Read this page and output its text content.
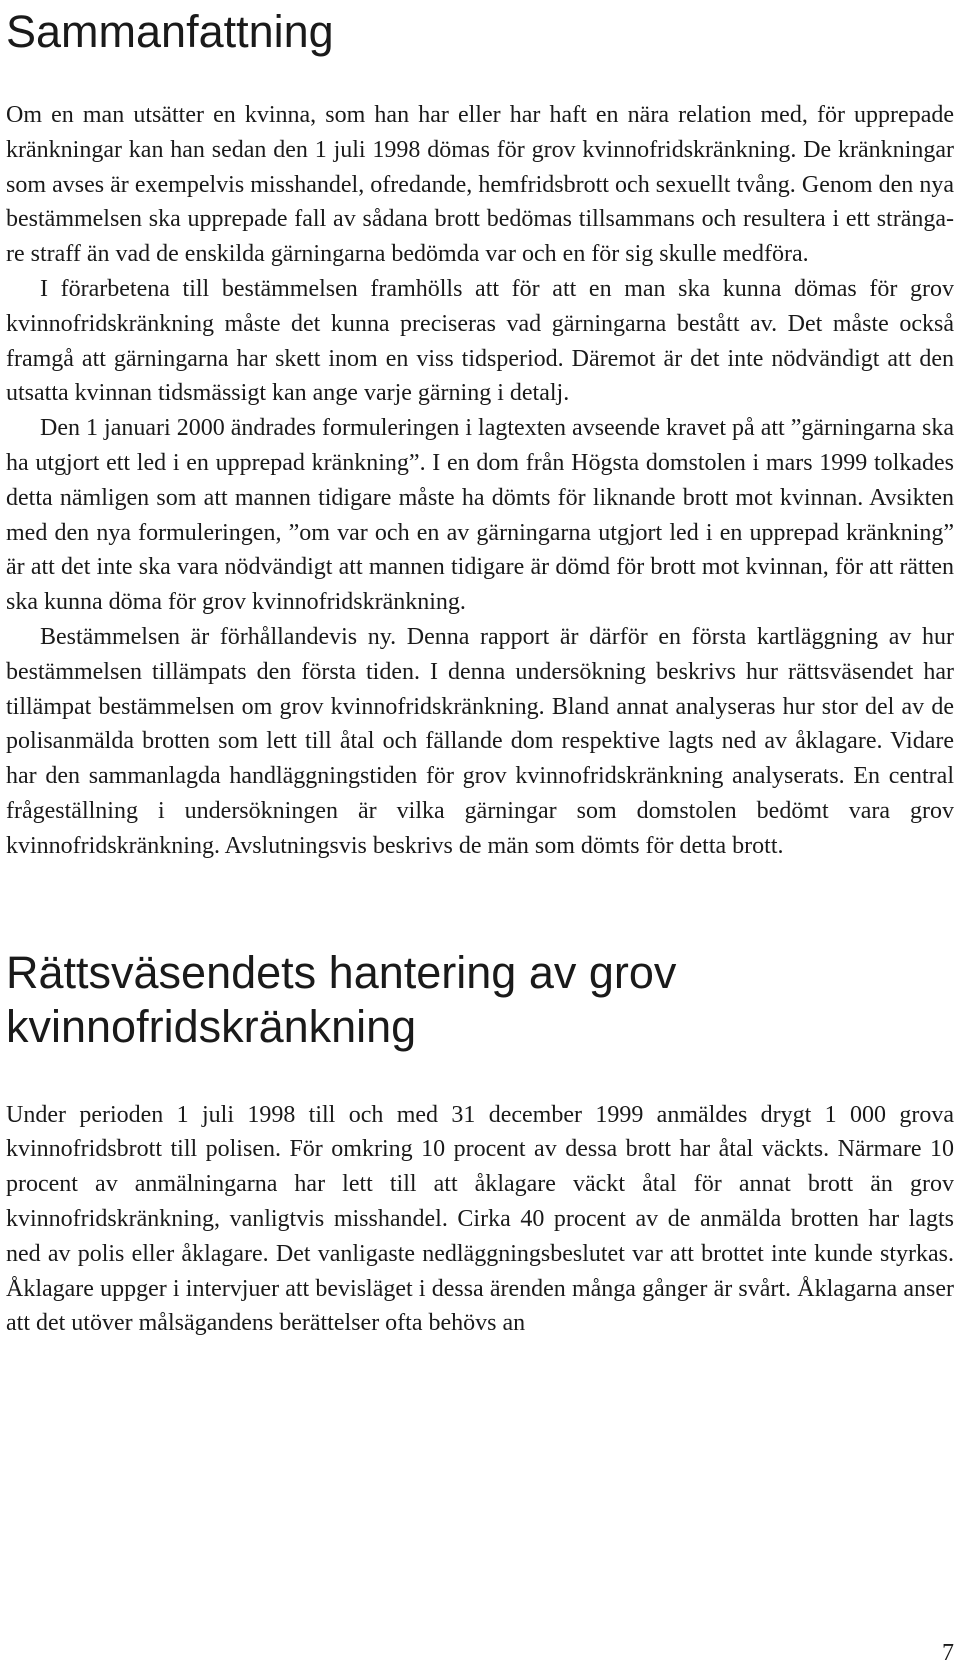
Sammanfattning

Om en man utsätter en kvinna, som han har eller har haft en nära relation med, för upprepade kränkningar kan han sedan den 1 juli 1998 dömas för grov kvinnofridskränkning. De kränkningar som avses är exempelvis misshandel, ofredande, hemfridsbrott och sexuellt tvång. Genom den nya bestämmelsen ska upprepade fall av sådana brott bedömas tillsammans och resultera i ett strängare straff än vad de enskilda gärningarna bedömda var och en för sig skulle medföra.

I förarbetena till bestämmelsen framhölls att för att en man ska kunna dömas för grov kvinnofridskränkning måste det kunna preciseras vad gärningarna bestått av. Det måste också framgå att gärningarna har skett inom en viss tidsperiod. Däremot är det inte nödvändigt att den utsatta kvinnan tidsmässigt kan ange varje gärning i detalj.

Den 1 januari 2000 ändrades formuleringen i lagtexten avseende kravet på att ”gärningarna ska ha utgjort ett led i en upprepad kränkning”. I en dom från Högsta domstolen i mars 1999 tolkades detta nämligen som att mannen tidigare måste ha dömts för liknande brott mot kvinnan. Avsikten med den nya formuleringen, ”om var och en av gärningarna utgjort led i en upprepad kränkning” är att det inte ska vara nödvändigt att mannen tidigare är dömd för brott mot kvinnan, för att rätten ska kunna döma för grov kvinnofridskränkning.

Bestämmelsen är förhållandevis ny. Denna rapport är därför en första kartläggning av hur bestämmelsen tillämpats den första tiden. I denna undersökning beskrivs hur rättsväsendet har tillämpat bestämmelsen om grov kvinnofridskränkning. Bland annat analyseras hur stor del av de polisanmälda brotten som lett till åtal och fällande dom respektive lagts ned av åklagare. Vidare har den sammanlagda handläggningstiden för grov kvinnofridskränkning analyserats. En central frågeställning i undersökningen är vilka gärningar som domstolen bedömt vara grov kvinnofridskränkning. Avslutningsvis beskrivs de män som dömts för detta brott.

Rättsväsendets hantering av grov kvinnofridskränkning

Under perioden 1 juli 1998 till och med 31 december 1999 anmäldes drygt 1 000 grova kvinnofridsbrott till polisen. För omkring 10 procent av dessa brott har åtal väckts. Närmare 10 procent av anmälningarna har lett till att åklagare väckt åtal för annat brott än grov kvinnofridskränkning, vanligtvis misshandel. Cirka 40 procent av de anmälda brotten har lagts ned av polis eller åklagare. Det vanligaste nedläggningsbeslutet var att brottet inte kunde styrkas. Åklagare uppger i intervjuer att bevisläget i dessa ärenden många gånger är svårt. Åklagarna anser att det utöver målsägandens berättelser ofta behövs an

7
